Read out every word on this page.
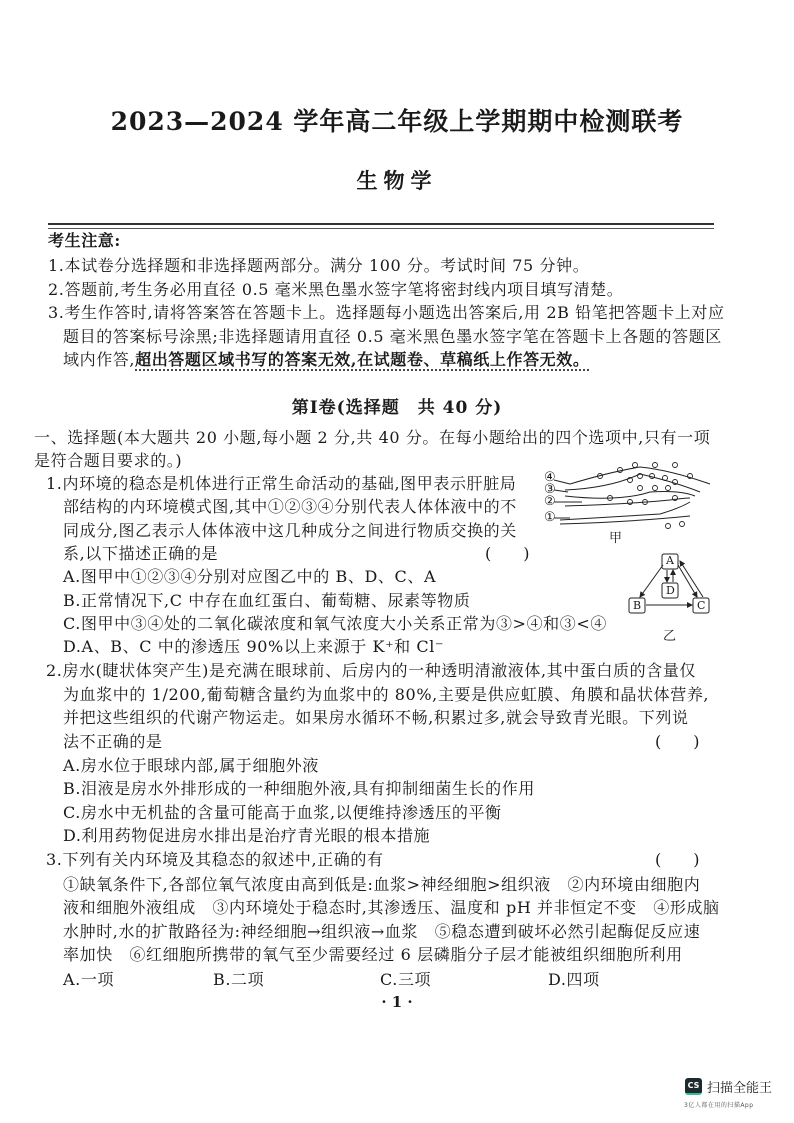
2023—2024 学年高二年级上学期期中检测联考
生物学
考生注意:
1.本试卷分选择题和非选择题两部分。满分 100 分。考试时间 75 分钟。
2.答题前,考生务必用直径 0.5 毫米黑色墨水签字笔将密封线内项目填写清楚。
3.考生作答时,请将答案答在答题卡上。选择题每小题选出答案后,用 2B 铅笔把答题卡上对应
题目的答案标号涂黑;非选择题请用直径 0.5 毫米黑色墨水签字笔在答题卡上各题的答题区
域内作答,超出答题区域书写的答案无效,在试题卷、草稿纸上作答无效。
第Ⅰ卷(选择题　共 40 分)
一、选择题(本大题共 20 小题,每小题 2 分,共 40 分。在每小题给出的四个选项中,只有一项
是符合题目要求的。)
1.内环境的稳态是机体进行正常生命活动的基础,图甲表示肝脏局
部结构的内环境模式图,其中①②③④分别代表人体体液中的不
同成分,图乙表示人体体液中这几种成分之间进行物质交换的关
系,以下描述正确的是	(　　)
A.图甲中①②③④分别对应图乙中的 B、D、C、A
B.正常情况下,C 中存在血红蛋白、葡萄糖、尿素等物质
C.图甲中③④处的二氧化碳浓度和氧气浓度大小关系正常为③>④和③<④
D.A、B、C 中的渗透压 90%以上来源于 K⁺和 Cl⁻
④
③
②
①
甲
A
D
B	C
乙
2.房水(睫状体突产生)是充满在眼球前、后房内的一种透明清澈液体,其中蛋白质的含量仅
为血浆中的 1/200,葡萄糖含量约为血浆中的 80%,主要是供应虹膜、角膜和晶状体营养,
并把这些组织的代谢产物运走。如果房水循环不畅,积累过多,就会导致青光眼。下列说
法不正确的是	(　　)
A.房水位于眼球内部,属于细胞外液
B.泪液是房水外排形成的一种细胞外液,具有抑制细菌生长的作用
C.房水中无机盐的含量可能高于血浆,以便维持渗透压的平衡
D.利用药物促进房水排出是治疗青光眼的根本措施
3.下列有关内环境及其稳态的叙述中,正确的有	(　　)
①缺氧条件下,各部位氧气浓度由高到低是:血浆>神经细胞>组织液　②内环境由细胞内
液和细胞外液组成　③内环境处于稳态时,其渗透压、温度和 pH 并非恒定不变　④形成脑
水肿时,水的扩散路径为:神经细胞→组织液→血浆　⑤稳态遭到破坏必然引起酶促反应速
率加快　⑥红细胞所携带的氧气至少需要经过 6 层磷脂分子层才能被组织细胞所利用
A.一项	B.二项	C.三项	D.四项
· 1 ·
CS 扫描全能王
3亿人都在用的扫描App
